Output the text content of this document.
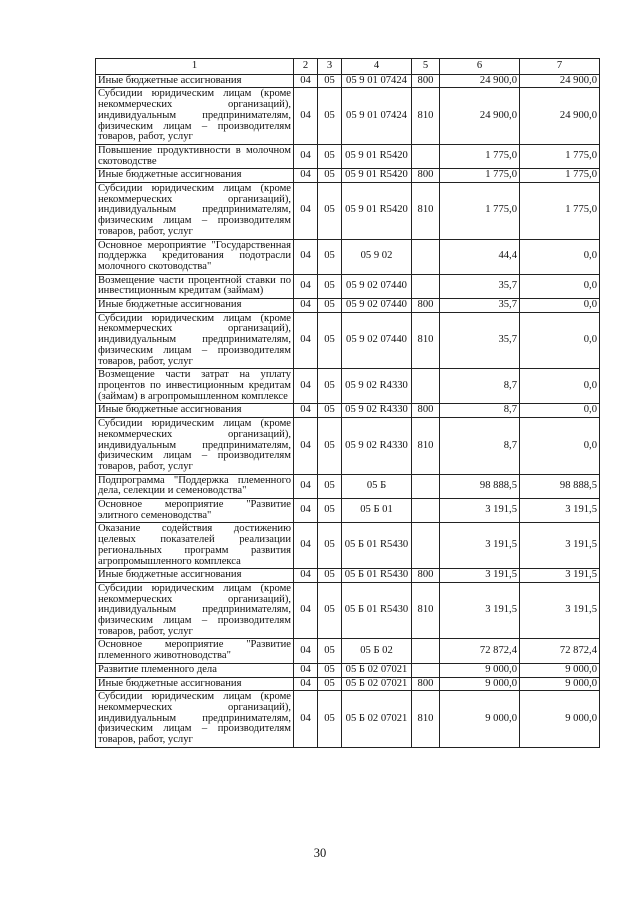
1	2	3	4	5	6	7
Иные бюджетные ассигнования	04	05	05 9 01 07424	800	24 900,0	24 900,0
Субсидии юридическим лицам (кроме некоммерческих организаций), индивидуальным предпринимателям, физическим лицам – производителям товаров, работ, услуг	04	05	05 9 01 07424	810	24 900,0	24 900,0
Повышение продуктивности в молочном скотоводстве	04	05	05 9 01 R5420		1 775,0	1 775,0
Иные бюджетные ассигнования	04	05	05 9 01 R5420	800	1 775,0	1 775,0
Субсидии юридическим лицам (кроме некоммерческих организаций), индивидуальным предпринимателям, физическим лицам – производителям товаров, работ, услуг	04	05	05 9 01 R5420	810	1 775,0	1 775,0
Основное мероприятие "Государственная поддержка кредитования подотрасли молочного скотоводства"	04	05	05 9 02		44,4	0,0
Возмещение части процентной ставки по инвестиционным кредитам (займам)	04	05	05 9 02 07440		35,7	0,0
Иные бюджетные ассигнования	04	05	05 9 02 07440	800	35,7	0,0
Субсидии юридическим лицам (кроме некоммерческих организаций), индивидуальным предпринимателям, физическим лицам – производителям товаров, работ, услуг	04	05	05 9 02 07440	810	35,7	0,0
Возмещение части затрат на уплату процентов по инвестиционным кредитам (займам) в агропромышленном комплексе	04	05	05 9 02 R4330		8,7	0,0
Иные бюджетные ассигнования	04	05	05 9 02 R4330	800	8,7	0,0
Субсидии юридическим лицам (кроме некоммерческих организаций), индивидуальным предпринимателям, физическим лицам – производителям товаров, работ, услуг	04	05	05 9 02 R4330	810	8,7	0,0
Подпрограмма "Поддержка племенного дела, селекции и семеноводства"	04	05	05 Б		98 888,5	98 888,5
Основное мероприятие "Развитие элитного семеноводства"	04	05	05 Б 01		3 191,5	3 191,5
Оказание содействия достижению целевых показателей реализации региональных программ развития агропромышленного комплекса	04	05	05 Б 01 R5430		3 191,5	3 191,5
Иные бюджетные ассигнования	04	05	05 Б 01 R5430	800	3 191,5	3 191,5
Субсидии юридическим лицам (кроме некоммерческих организаций), индивидуальным предпринимателям, физическим лицам – производителям товаров, работ, услуг	04	05	05 Б 01 R5430	810	3 191,5	3 191,5
Основное мероприятие "Развитие племенного животноводства"	04	05	05 Б 02		72 872,4	72 872,4
Развитие племенного дела	04	05	05 Б 02 07021		9 000,0	9 000,0
Иные бюджетные ассигнования	04	05	05 Б 02 07021	800	9 000,0	9 000,0
Субсидии юридическим лицам (кроме некоммерческих организаций), индивидуальным предпринимателям, физическим лицам – производителям товаров, работ, услуг	04	05	05 Б 02 07021	810	9 000,0	9 000,0
30
